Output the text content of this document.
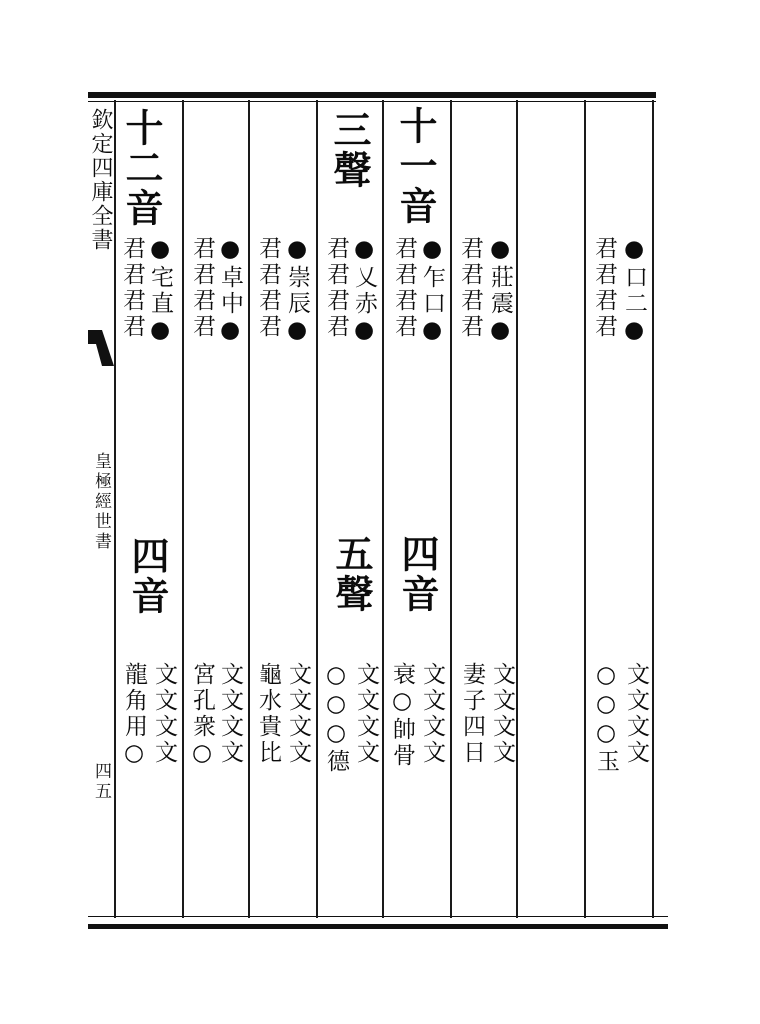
欽定四庫全書
皇極經世書
四五
十二音
●宅直●
君君君君
四音
文文文文
龍角用○
●卓中●
君君君君
文文文文
宮孔衆○
●崇辰●
君君君君
文文文文
龜水貴比
三聲
●乂赤●
君君君君
五聲
文文文文
○○○德
十一音
●乍口●
君君君君
四音
文文文文
衰○帥骨
●莊震●
君君君君
文文文文
妻子四日
●口二●
君君君君
文文文文
○○○玉
